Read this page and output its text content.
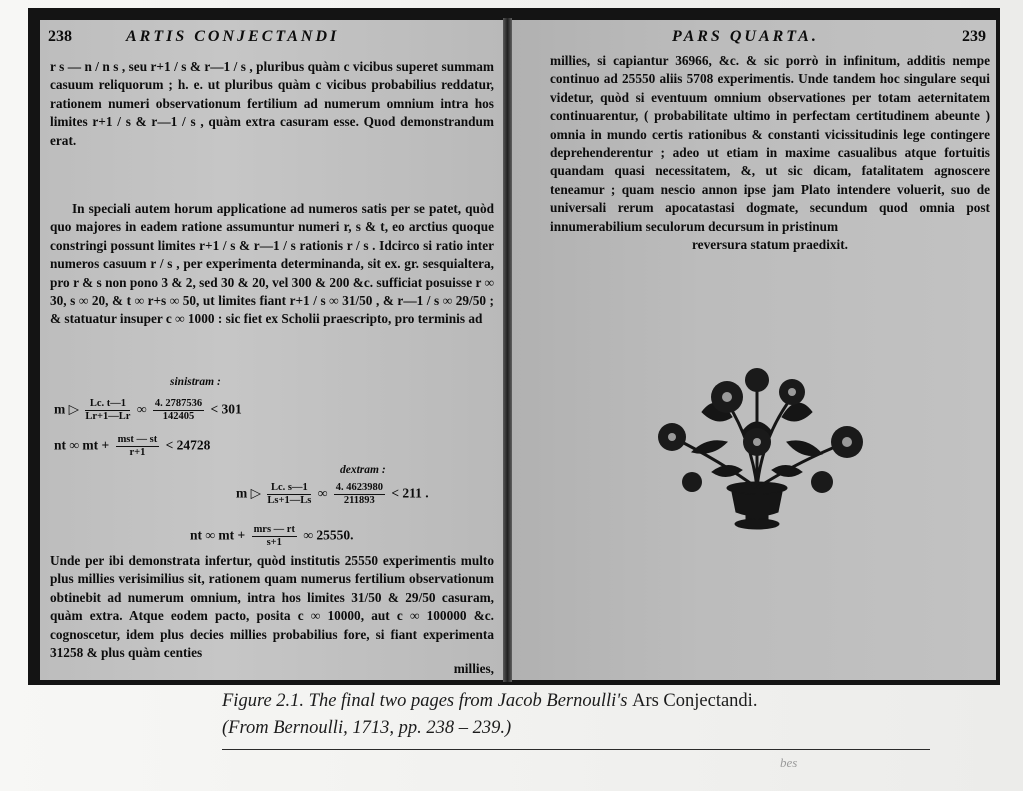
238	ARTIS CONJECTANDI

r s — n / n s , seu r+1 / s & r—1 / s , pluribus quàm c vicibus superet summam casuum reliquorum ; h. e. ut pluribus quàm c vicibus probabilius reddatur, rationem numeri observationum fertilium ad numerum omnium intra hos limites r+1 / s & r—1 / s , quàm extra casuram esse. Quod demonstrandum erat.

In speciali autem horum applicatione ad numeros satis per se patet, quòd quo majores in eadem ratione assumuntur numeri r, s & t, eo arctius quoque constringi possunt limites r+1 / s & r—1 / s rationis r / s . Idcirco si ratio inter numeros casuum r / s , per experimenta determinanda, sit ex. gr. sesquialtera, pro r & s non pono 3 & 2, sed 30 & 20, vel 300 & 200 &c. sufficiat posuisse r ∞ 30, s ∞ 20, & t ∞ r+s ∞ 50, ut limites fiant r+1 / s ∞ 31/50 , & r—1 / s ∞ 29/50 ; & statuatur insuper c ∞ 1000 : sic fiet ex Scholii praescripto, pro terminis ad

sinistram :
m ▷ $\frac{Lc. t—1}{Lr+1—Lr}$ ∞ $\frac{4. 2787536}{142405} < 301$
nt ∞ mt + $\frac{\text{mst — st}}{r+1} < 24728$
dextram :
m ▷ $\frac{Lc. s—1}{Ls+1—Ls}$ ∞ $\frac{4. 4623980}{211893} < 211$ .
nt ∞ mt + $\frac{\text{mrs — rt}}{s+1}$ ∞ 25550.

Unde per ibi demonstrata infertur, quòd institutis 25550 experimentis multo plus millies verisimilius sit, rationem quam numerus fertilium observationum obtinebit ad numerum omnium, intra hos limites 31/50 & 29/50 casuram, quàm extra. Atque eodem pacto, posita c ∞ 10000, aut c ∞ 100000 &c. cognoscetur, idem plus decies millies probabilius fore, si fiant experimenta 31258 & plus quàm centies

millies,

PARS QUARTA.	239

millies, si capiantur 36966, &c. & sic porrò in infinitum, additis nempe continuo ad 25550 aliis 5708 experimentis. Unde tandem hoc singulare sequi videtur, quòd si eventuum omnium observationes per totam aeternitatem continuarentur, ( probabilitate ultimo in perfectam certitudinem abeunte ) omnia in mundo certis rationibus & constanti vicissitudinis lege contingere deprehenderentur ; adeo ut etiam in maxime casualibus atque fortuitis quandam quasi necessitatem, &, ut sic dicam, fatalitatem agnoscere teneamur ; quam nescio annon ipse jam Plato intendere voluerit, suo de universali rerum apocatastasi dogmate, secundum quod omnia post innumerabilium seculorum decursum in pristinum

reversura statum praedixit.

Figure 2.1. The final two pages from Jacob Bernoulli's Ars Conjectandi.
(From Bernoulli, 1713, pp. 238 – 239.)
bes
